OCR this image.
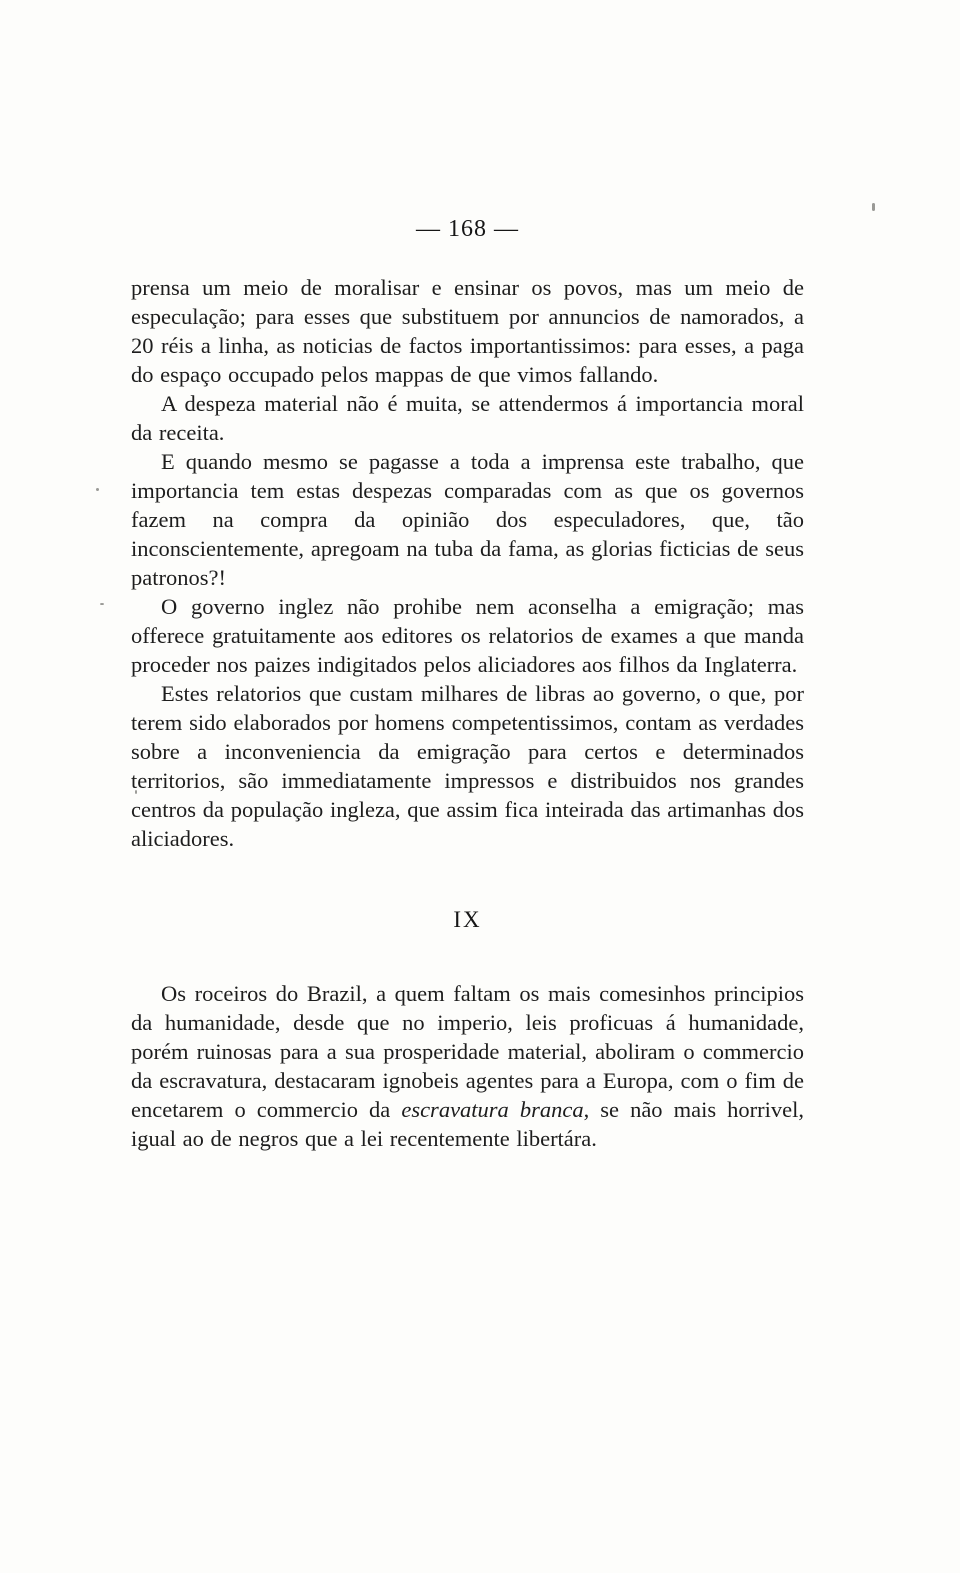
— 168 —

prensa um meio de moralisar e ensinar os povos, mas um meio de especulação; para esses que substituem por annuncios de namorados, a 20 réis a linha, as noticias de factos importantissimos: para esses, a paga do espaço occupado pelos mappas de que vimos fallando.

A despeza material não é muita, se attendermos á importancia moral da receita.

E quando mesmo se pagasse a toda a imprensa este trabalho, que importancia tem estas despezas comparadas com as que os governos fazem na compra da opinião dos especuladores, que, tão inconscientemente, apregoam na tuba da fama, as glorias ficticias de seus patronos?!

O governo inglez não prohibe nem aconselha a emigração; mas offerece gratuitamente aos editores os relatorios de exames a que manda proceder nos paizes indigitados pelos aliciadores aos filhos da Inglaterra.

Estes relatorios que custam milhares de libras ao governo, o que, por terem sido elaborados por homens competentissimos, contam as verdades sobre a inconveniencia da emigração para certos e determinados territorios, são immediatamente impressos e distribuidos nos grandes centros da população ingleza, que assim fica inteirada das artimanhas dos aliciadores.

IX

Os roceiros do Brazil, a quem faltam os mais comesinhos principios da humanidade, desde que no imperio, leis proficuas á humanidade, porém ruinosas para a sua prosperidade material, aboliram o commercio da escravatura, destacaram ignobeis agentes para a Europa, com o fim de encetarem o commercio da escravatura branca, se não mais horrivel, igual ao de negros que a lei recentemente libertára.
